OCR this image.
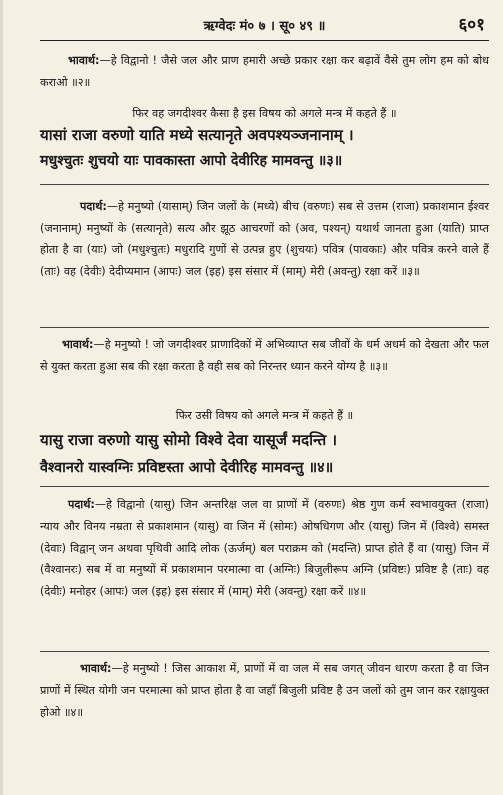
ऋग्वेदः मं० ७ । सू० ४९ ॥	६०१

भावार्थ:—हे विद्वानो ! जैसे जल और प्राण हमारी अच्छे प्रकार रक्षा कर बढ़ावें वैसे तुम लोग हम को बोध कराओ ॥२॥

फिर वह जगदीश्वर कैसा है इस विषय को अगले मन्त्र में कहते हैं ॥

यासां राजा वरुणो याति मध्ये सत्यानृते अवपश्यञ्जनानाम् ।

मधुश्चुतः शुचयो याः पावकास्ता आपो देवीरिह मामवन्तु ॥३॥

पदार्थ:—हे मनुष्यो (यासाम्) जिन जलों के (मध्ये) बीच (वरुणः) सब से उत्तम (राजा) प्रकाशमान ईश्वर (जनानाम्) मनुष्यों के (सत्यानृते) सत्य और झूठ आचरणों को (अव, पश्यन्) यथार्थ जानता हुआ (याति) प्राप्त होता है वा (याः) जो (मधुश्चुतः) मधुरादि गुणों से उत्पन्न हुए (शुचयः) पवित्र (पावकाः) और पवित्र करने वाले हैं (ताः) वह (देवीः) देदीप्यमान (आपः) जल (इह) इस संसार में (माम्) मेरी (अवन्तु) रक्षा करें ॥३॥

भावार्थ:—हे मनुष्यो ! जो जगदीश्वर प्राणादिकों में अभिव्याप्त सब जीवों के धर्म अधर्म को देखता और फल से युक्त करता हुआ सब की रक्षा करता है वही सब को निरन्तर ध्यान करने योग्य है ॥३॥

फिर उसी विषय को अगले मन्त्र में कहते हैं ॥

यासु राजा वरुणो यासु सोमो विश्वे देवा यासूर्जं मदन्ति ।

वैश्वानरो यास्वग्निः प्रविष्टस्ता आपो देवीरिह मामवन्तु ॥४॥

पदार्थ:—हे विद्वानो (यासु) जिन अन्तरिक्ष जल वा प्राणों में (वरुणः) श्रेष्ठ गुण कर्म स्वभावयुक्त (राजा) न्याय और विनय नम्रता से प्रकाशमान (यासु) वा जिन में (सोमः) ओषधिगण और (यासु) जिन में (विश्वे) समस्त (देवाः) विद्वान् जन अथवा पृथिवी आदि लोक (ऊर्जम्) बल पराक्रम को (मदन्ति) प्राप्त होते हैं वा (यासु) जिन में (वैश्वानरः) सब में वा मनुष्यों में प्रकाशमान परमात्मा वा (अग्निः) बिजुलीरूप अग्नि (प्रविष्टः) प्रविष्ट है (ताः) वह (देवीः) मनोहर (आपः) जल (इह) इस संसार में (माम्) मेरी (अवन्तु) रक्षा करें ॥४॥

भावार्थ:—हे मनुष्यो ! जिस आकाश में, प्राणों में वा जल में सब जगत् जीवन धारण करता है वा जिन प्राणों में स्थित योगी जन परमात्मा को प्राप्त होता है वा जहाँ बिजुली प्रविष्ट है उन जलों को तुम जान कर रक्षायुक्त होओ ॥४॥
